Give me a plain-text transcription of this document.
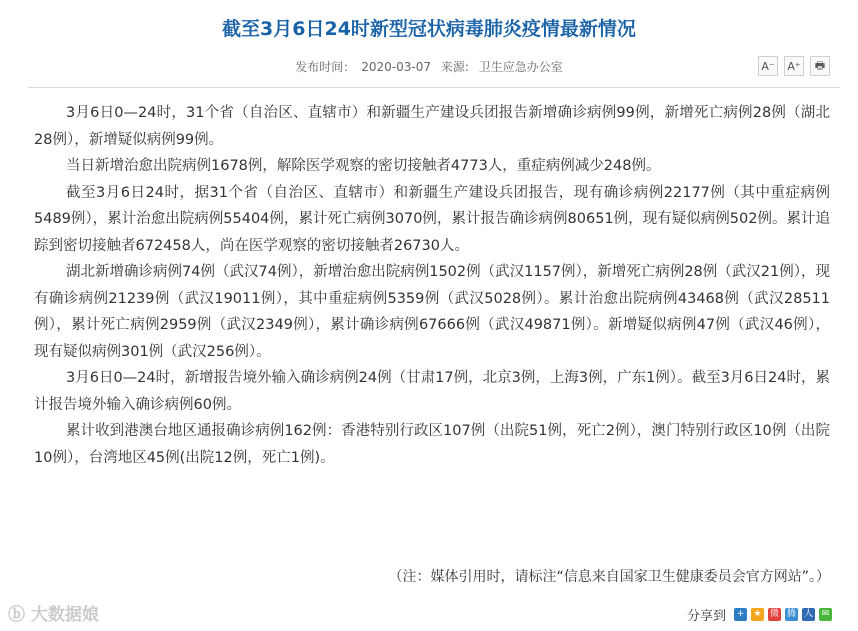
截至3月6日24时新型冠状病毒肺炎疫情最新情况
发布时间： 2020-03-07 来源: 卫生应急办公室	A⁻	A⁺	🖶

3月6日0—24时，31个省（自治区、直辖市）和新疆生产建设兵团报告新增确诊病例99例，新增死亡病例28例（湖北28例），新增疑似病例99例。

当日新增治愈出院病例1678例，解除医学观察的密切接触者4773人，重症病例减少248例。

截至3月6日24时，据31个省（自治区、直辖市）和新疆生产建设兵团报告，现有确诊病例22177例（其中重症病例5489例），累计治愈出院病例55404例，累计死亡病例3070例，累计报告确诊病例80651例，现有疑似病例502例。累计追踪到密切接触者672458人，尚在医学观察的密切接触者26730人。

湖北新增确诊病例74例（武汉74例），新增治愈出院病例1502例（武汉1157例），新增死亡病例28例（武汉21例），现有确诊病例21239例（武汉19011例），其中重症病例5359例（武汉5028例）。累计治愈出院病例43468例（武汉28511例），累计死亡病例2959例（武汉2349例），累计确诊病例67666例（武汉49871例）。新增疑似病例47例（武汉46例），现有疑似病例301例（武汉256例）。

3月6日0—24时，新增报告境外输入确诊病例24例（甘肃17例，北京3例，上海3例，广东1例）。截至3月6日24时，累计报告境外输入确诊病例60例。

累计收到港澳台地区通报确诊病例162例：香港特别行政区107例（出院51例，死亡2例），澳门特别行政区10例（出院10例），台湾地区45例(出院12例，死亡1例)。

（注：媒体引用时，请标注“信息来自国家卫生健康委员会官方网站”。）
ⓑ 大数据娘	分享到	+	★ 微 腾 人 ✉
